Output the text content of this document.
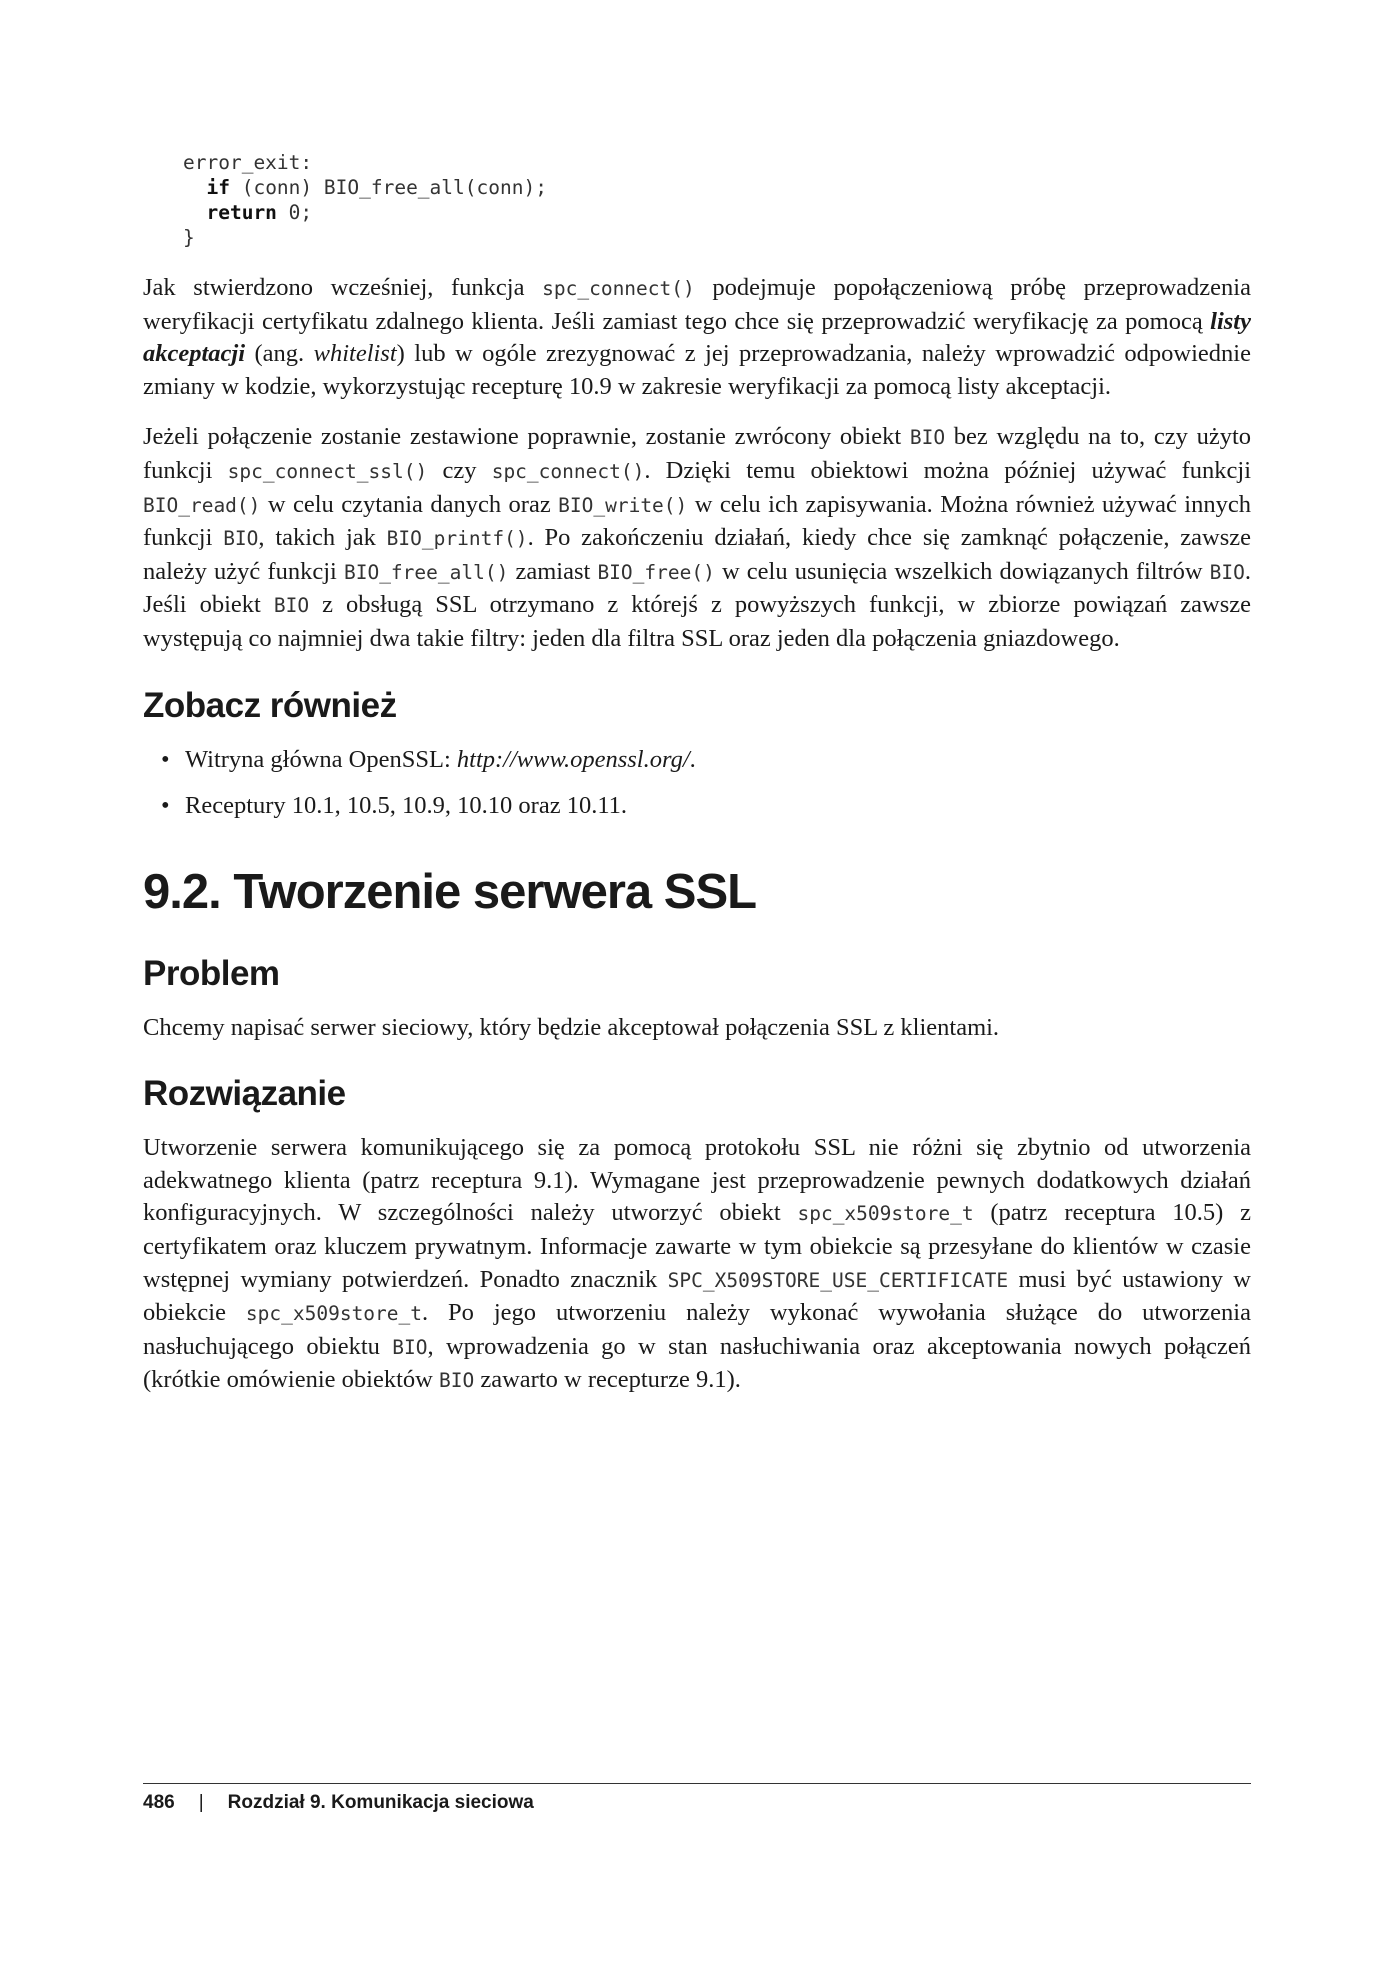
error_exit:
if (conn) BIO_free_all(conn);
return 0;
}

Jak stwierdzono wcześniej, funkcja spc_connect() podejmuje popołączeniową próbę przeprowadzenia weryfikacji certyfikatu zdalnego klienta. Jeśli zamiast tego chce się przeprowadzić weryfikację za pomocą listy akceptacji (ang. whitelist) lub w ogóle zrezygnować z jej przeprowadzania, należy wprowadzić odpowiednie zmiany w kodzie, wykorzystując recepturę 10.9 w zakresie weryfikacji za pomocą listy akceptacji.

Jeżeli połączenie zostanie zestawione poprawnie, zostanie zwrócony obiekt BIO bez względu na to, czy użyto funkcji spc_connect_ssl() czy spc_connect(). Dzięki temu obiektowi można później używać funkcji BIO_read() w celu czytania danych oraz BIO_write() w celu ich zapisywania. Można również używać innych funkcji BIO, takich jak BIO_printf(). Po zakończeniu działań, kiedy chce się zamknąć połączenie, zawsze należy użyć funkcji BIO_free_all() zamiast BIO_free() w celu usunięcia wszelkich dowiązanych filtrów BIO. Jeśli obiekt BIO z obsługą SSL otrzymano z którejś z powyższych funkcji, w zbiorze powiązań zawsze występują co najmniej dwa takie filtry: jeden dla filtra SSL oraz jeden dla połączenia gniazdowego.

Zobacz również
• Witryna główna OpenSSL: http://www.openssl.org/.
• Receptury 10.1, 10.5, 10.9, 10.10 oraz 10.11.
9.2. Tworzenie serwera SSL
Problem

Chcemy napisać serwer sieciowy, który będzie akceptował połączenia SSL z klientami.

Rozwiązanie

Utworzenie serwera komunikującego się za pomocą protokołu SSL nie różni się zbytnio od utworzenia adekwatnego klienta (patrz receptura 9.1). Wymagane jest przeprowadzenie pewnych dodatkowych działań konfiguracyjnych. W szczególności należy utworzyć obiekt spc_x509store_t (patrz receptura 10.5) z certyfikatem oraz kluczem prywatnym. Informacje zawarte w tym obiekcie są przesyłane do klientów w czasie wstępnej wymiany potwierdzeń. Ponadto znacznik SPC_X509STORE_USE_CERTIFICATE musi być ustawiony w obiekcie spc_x509store_t. Po jego utworzeniu należy wykonać wywołania służące do utworzenia nasłuchującego obiektu BIO, wprowadzenia go w stan nasłuchiwania oraz akceptowania nowych połączeń (krótkie omówienie obiektów BIO zawarto w recepturze 9.1).

486 | Rozdział 9. Komunikacja sieciowa
